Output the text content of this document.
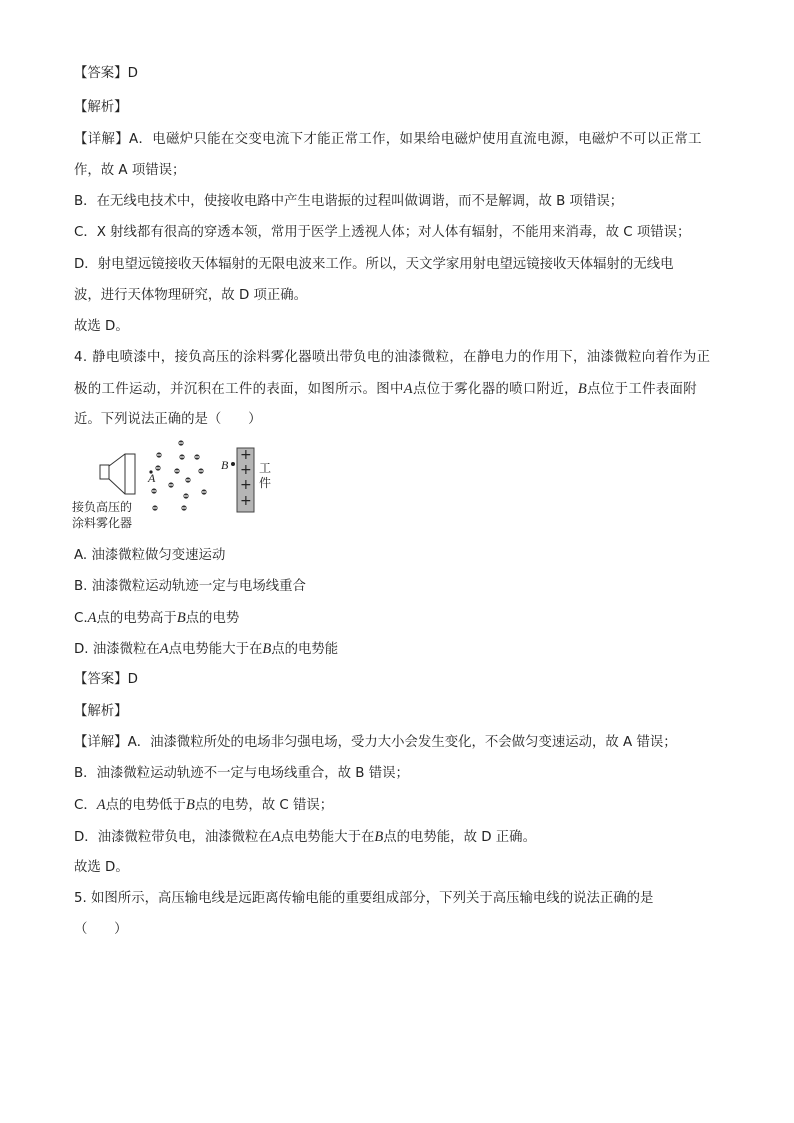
【答案】D
【解析】
【详解】A．电磁炉只能在交变电流下才能正常工作，如果给电磁炉使用直流电源，电磁炉不可以正常工
作，故 A 项错误；
B．在无线电技术中，使接收电路中产生电谐振的过程叫做调谐，而不是解调，故 B 项错误；
C．X 射线都有很高的穿透本领，常用于医学上透视人体；对人体有辐射，不能用来消毒，故 C 项错误；
D．射电望远镜接收天体辐射的无限电波来工作。所以，天文学家用射电望远镜接收天体辐射的无线电
波，进行天体物理研究，故 D 项正确。
故选 D。
4. 静电喷漆中，接负高压的涂料雾化器喷出带负电的油漆微粒，在静电力的作用下，油漆微粒向着作为正
极的工件运动，并沉积在工件的表面，如图所示。图中A点位于雾化器的喷口附近，B点位于工件表面附
近。下列说法正确的是（　　）
A
B
+
+
+
+
工
件
接负高压的
涂料雾化器
A. 油漆微粒做匀变速运动
B. 油漆微粒运动轨迹一定与电场线重合
C.A点的电势高于B点的电势
D. 油漆微粒在A点电势能大于在B点的电势能
【答案】D
【解析】
【详解】A．油漆微粒所处的电场非匀强电场，受力大小会发生变化，不会做匀变速运动，故 A 错误；
B．油漆微粒运动轨迹不一定与电场线重合，故 B 错误；
C．A点的电势低于B点的电势，故 C 错误；
D．油漆微粒带负电，油漆微粒在A点电势能大于在B点的电势能，故 D 正确。
故选 D。
5. 如图所示，高压输电线是远距离传输电能的重要组成部分，下列关于高压输电线的说法正确的是
（　　）
